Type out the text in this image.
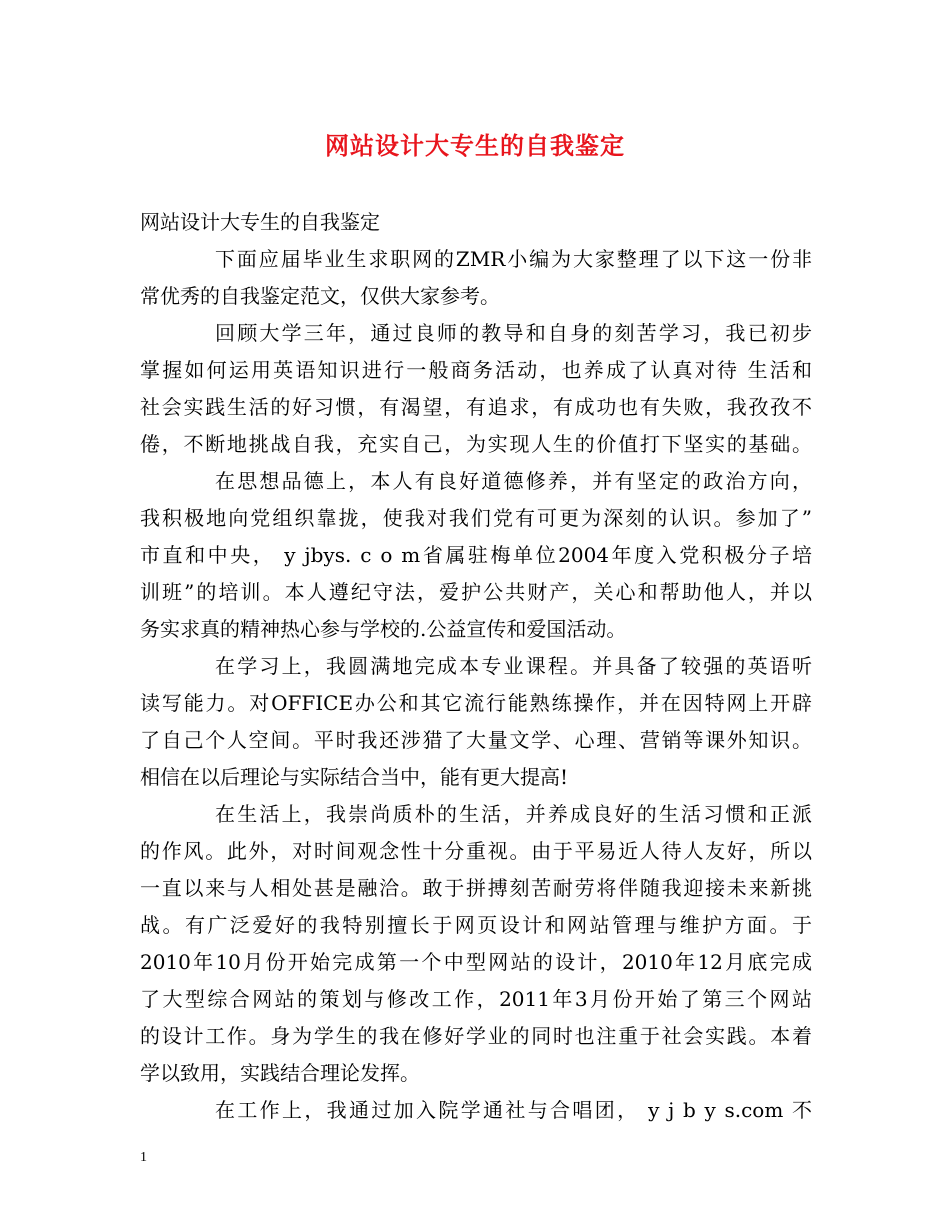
网站设计大专生的自我鉴定
网站设计大专生的自我鉴定
下面应届毕业生求职网的ZMR小编为大家整理了以下这一份非
常优秀的自我鉴定范文，仅供大家参考。
回顾大学三年，通过良师的教导和自身的刻苦学习，我已初步
掌握如何运用英语知识进行一般商务活动，也养成了认真对待 生活和
社会实践生活的好习惯，有渴望，有追求，有成功也有失败，我孜孜不
倦，不断地挑战自我，充实自己，为实现人生的价值打下坚实的基础。
在思想品德上，本人有良好道德修养，并有坚定的政治方向，
我积极地向党组织靠拢，使我对我们党有可更为深刻的认识。参加了”
市直和中央， y jbys. c o m省属驻梅单位2004年度入党积极分子培
训班”的培训。本人遵纪守法，爱护公共财产，关心和帮助他人，并以
务实求真的精神热心参与学校的.公益宣传和爱国活动。
在学习上，我圆满地完成本专业课程。并具备了较强的英语听
读写能力。对OFFICE办公和其它流行能熟练操作，并在因特网上开辟
了自己个人空间。平时我还涉猎了大量文学、心理、营销等课外知识。
相信在以后理论与实际结合当中，能有更大提高!
在生活上，我崇尚质朴的生活，并养成良好的生活习惯和正派
的作风。此外，对时间观念性十分重视。由于平易近人待人友好，所以
一直以来与人相处甚是融洽。敢于拼搏刻苦耐劳将伴随我迎接未来新挑
战。有广泛爱好的我特别擅长于网页设计和网站管理与维护方面。于
2010年10月份开始完成第一个中型网站的设计，2010年12月底完成
了大型综合网站的策划与修改工作，2011年3月份开始了第三个网站
的设计工作。身为学生的我在修好学业的同时也注重于社会实践。本着
学以致用，实践结合理论发挥。
在工作上，我通过加入院学通社与合唱团， y j b y s.com 不
1
